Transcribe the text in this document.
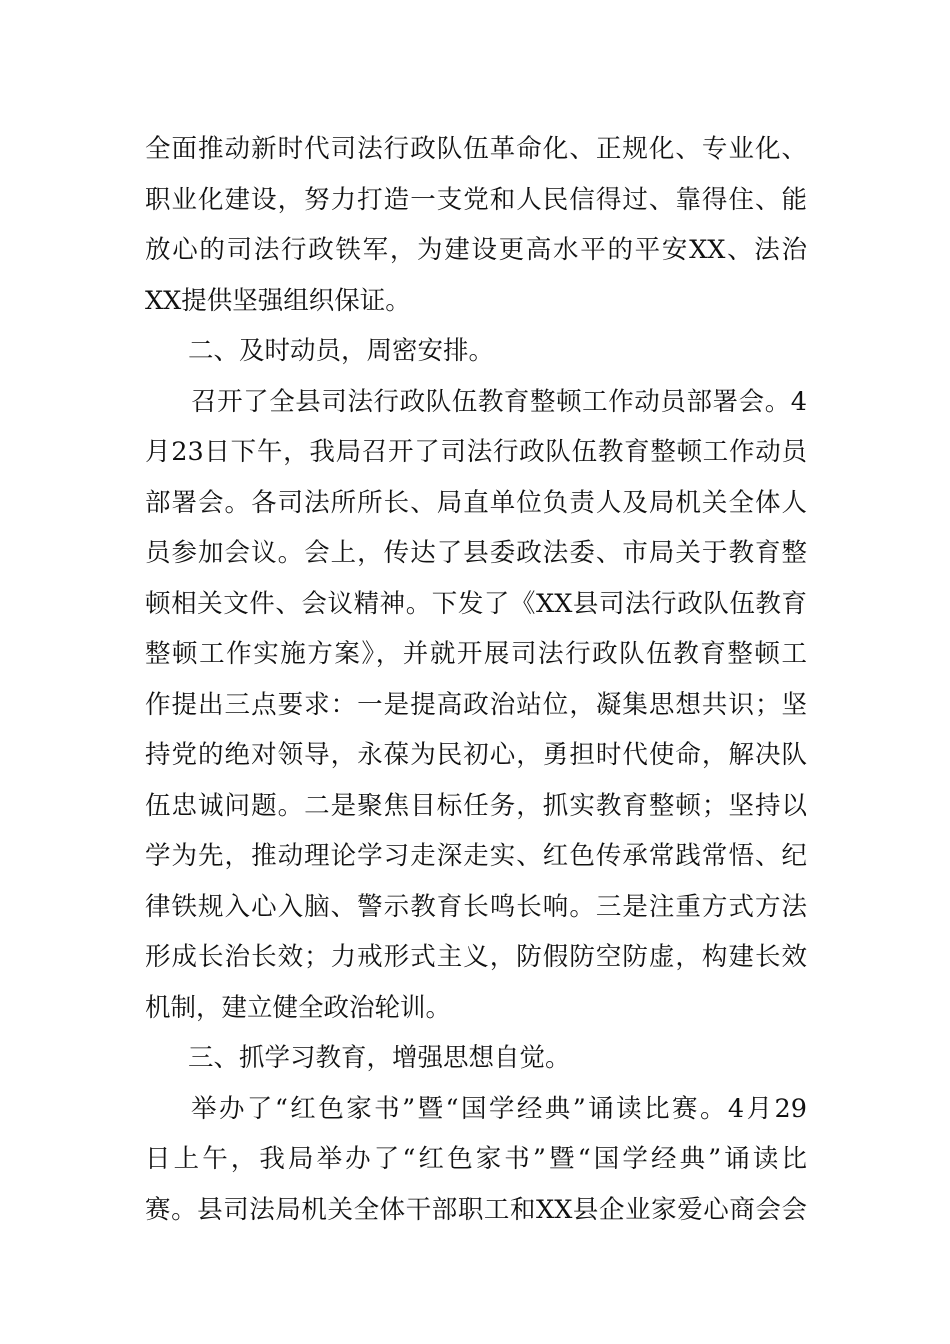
全面推动新时代司法行政队伍革命化、正规化、专业化、
职业化建设，努力打造一支党和人民信得过、靠得住、能
放心的司法行政铁军，为建设更高水平的平安XX、法治
XX提供坚强组织保证。
二、及时动员，周密安排。
召开了全县司法行政队伍教育整顿工作动员部署会。4
月23日下午，我局召开了司法行政队伍教育整顿工作动员
部署会。各司法所所长、局直单位负责人及局机关全体人
员参加会议。会上，传达了县委政法委、市局关于教育整
顿相关文件、会议精神。下发了《XX县司法行政队伍教育
整顿工作实施方案》，并就开展司法行政队伍教育整顿工
作提出三点要求：一是提高政治站位，凝集思想共识；坚
持党的绝对领导，永葆为民初心，勇担时代使命，解决队
伍忠诚问题。二是聚焦目标任务，抓实教育整顿；坚持以
学为先，推动理论学习走深走实、红色传承常践常悟、纪
律铁规入心入脑、警示教育长鸣长响。三是注重方式方法
形成长治长效；力戒形式主义，防假防空防虚，构建长效
机制，建立健全政治轮训。
三、抓学习教育，增强思想自觉。
举办了“红色家书”暨“国学经典”诵读比赛。4月29
日上午，我局举办了“红色家书”暨“国学经典”诵读比
赛。县司法局机关全体干部职工和XX县企业家爱心商会会
